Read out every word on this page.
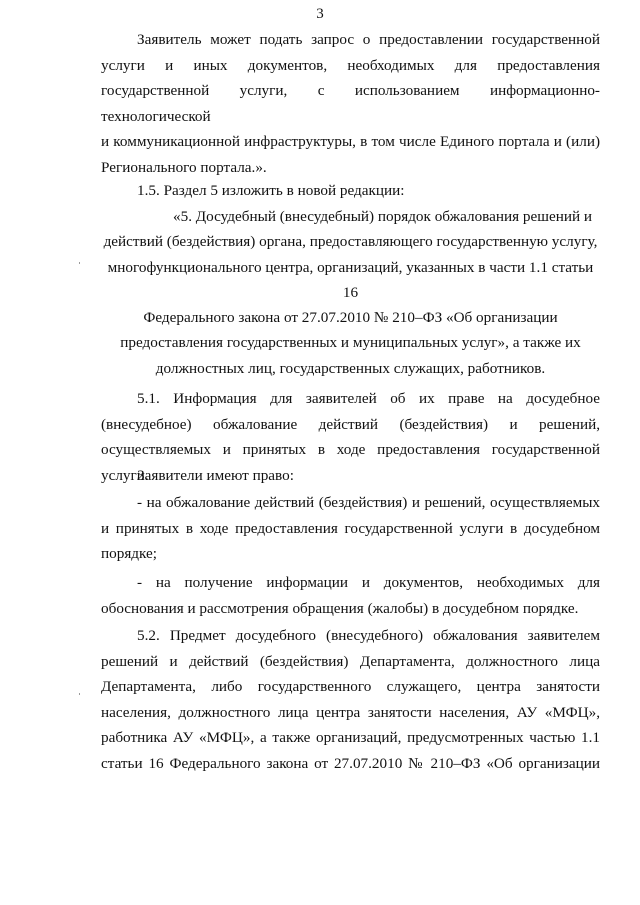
3
Заявитель может подать запрос о предоставлении государственной
услуги и иных документов, необходимых для предоставления
государственной услуги, с использованием информационно-технологической
и коммуникационной инфраструктуры, в том числе Единого портала и (или)
Регионального портала.».
1.5. Раздел 5 изложить в новой редакции:
«5. Досудебный (внесудебный) порядок обжалования решений и
действий (бездействия) органа, предоставляющего государственную услугу,
многофункционального центра, организаций, указанных в части 1.1 статьи 16
Федерального закона от 27.07.2010 № 210–ФЗ «Об организации
предоставления государственных и муниципальных услуг», а также их
должностных лиц, государственных служащих, работников.
5.1. Информация для заявителей об их праве на досудебное
(внесудебное) обжалование действий (бездействия) и решений,
осуществляемых и принятых в ходе предоставления государственной услуги.
Заявители имеют право:
- на обжалование действий (бездействия) и решений, осуществляемых
и принятых в ходе предоставления государственной услуги в досудебном
порядке;
- на получение информации и документов, необходимых для
обоснования и рассмотрения обращения (жалобы) в досудебном порядке.
5.2. Предмет досудебного (внесудебного) обжалования заявителем
решений и действий (бездействия) Департамента, должностного лица
Департамента, либо государственного служащего, центра занятости
населения, должностного лица центра занятости населения, АУ «МФЦ»,
работника АУ «МФЦ», а также организаций, предусмотренных частью 1.1
статьи 16 Федерального закона от 27.07.2010 № 210–ФЗ «Об организации
